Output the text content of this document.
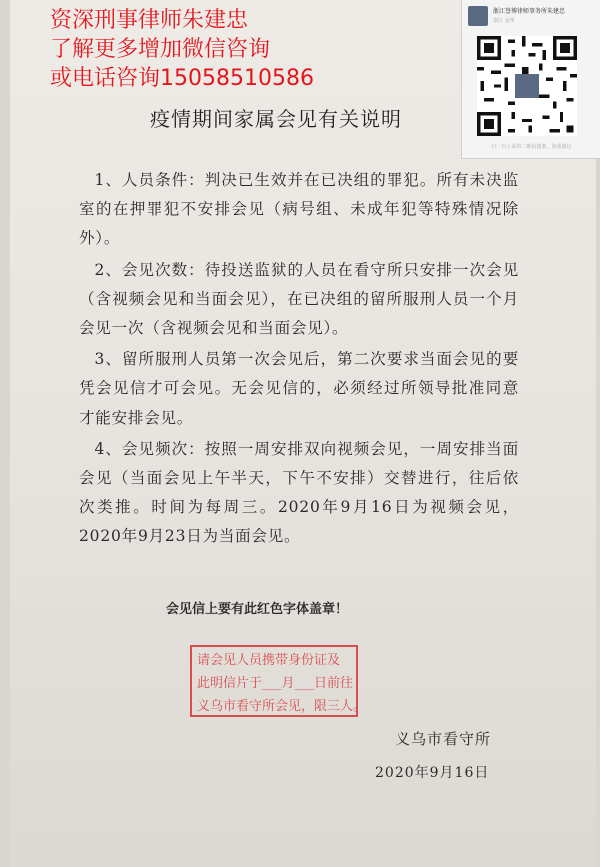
资深刑事律师朱建忠
了解更多增加微信咨询
或电话咨询15058510586
浙江誉博律师事务所朱建忠
浙江 金华
扫一扫上面的二维码图案，加我微信
疫情期间家属会见有关说明

1、人员条件：判决已生效并在已决组的罪犯。所有未决监室的在押罪犯不安排会见（病号组、未成年犯等特殊情况除外）。

2、会见次数：待投送监狱的人员在看守所只安排一次会见（含视频会见和当面会见），在已决组的留所服刑人员一个月会见一次（含视频会见和当面会见）。

3、留所服刑人员第一次会见后，第二次要求当面会见的要凭会见信才可会见。无会见信的，必须经过所领导批准同意才能安排会见。

4、会见频次：按照一周安排双向视频会见，一周安排当面会见（当面会见上午半天，下午不安排）交替进行，往后依次类推。时间为每周三。2020年9月16日为视频会见，2020年9月23日为当面会见。

会见信上要有此红色字体盖章！
请会见人员携带身份证及
此明信片于___月___日前往
义乌市看守所会见，限三人。
义乌市看守所
2020年9月16日
